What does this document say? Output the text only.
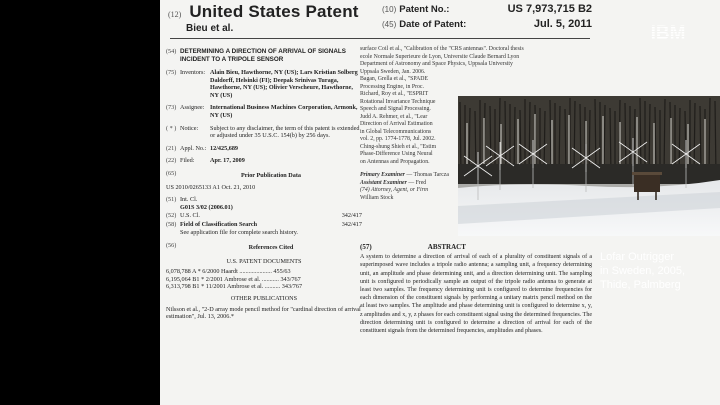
(12) United States Patent
Bieu et al.
(10) Patent No.:	US 7,973,715 B2
(45) Date of Patent:	Jul. 5, 2011
(54) DETERMINING A DIRECTION OF ARRIVAL OF SIGNALS INCIDENT TO A TRIPOLE SENSOR
(75) Inventors: Alain Bieu, Hawthorne, NY (US); Lars Kristian Solberg Daldorff, Helsinki (FI); Deepak Srinivas Turaga, Hawthorne, NY (US); Olivier Verscheure, Hawthorne, NY (US)
(73) Assignee: International Business Machines Corporation, Armonk, NY (US)
( * ) Notice:	Subject to any disclaimer, the term of this patent is extended or adjusted under 35 U.S.C. 154(b) by 256 days.
(21) Appl. No.: 12/425,689
(22) Filed:	Apr. 17, 2009
(65)	Prior Publication Data
US 2010/0265133 A1 Oct. 21, 2010
(51) Int. Cl.
G01S 3/02 (2006.01)
(52) U.S. Cl.	342/417
(58) Field of Classification Search	342/417
See application file for complete search history.
(56)	References Cited
U.S. PATENT DOCUMENTS
6,078,788 A * 6/2000 Haardt ..................... 455/63
6,195,064 B1 * 2/2001 Ambrose et al. ........... 343/767
6,313,798 B1 * 11/2001 Ambrose et al. .......... 343/767
OTHER PUBLICATIONS
Nilsson et al., "2-D array mode pencil method for "cardinal direction of arrival estimation", Jul. 13, 2006.*
surface Coil et al., "Calibration of the "CRS antennas". Doctoral thesis
ecole Normale Superieure de Lyon, Universite Claude Bernard Lyon
Department of Astronomy and Space Physics, Uppsala University
Uppsala Sweden, Jan. 2006.
Bagan, Grella et al., "SPADE
Processing Engine, in Proc.
Richard, Roy et al., "ESPRIT
Rotational Invariance Technique
Speech and Signal Processing.
Judd A. Rehmer, et al., "Lear
Direction of Arrival Estimation
in Global Telecommunications
vol. 2, pp. 1774-1778, Jul. 2002.
Ching-shung Shieh et al., "Estim
Phase-Difference Using Neural
on Antennas and Propagation.
Primary Examiner — Thomas Tarcza
Assistant Examiner — Fred
(74) Attorney, Agent, or Firm
William Stock
(57)	ABSTRACT
A system to determine a direction of arrival of each of a plurality of constituent signals of a superimposed wave includes a tripole radio antenna; a sampling unit, a frequency determining unit, an amplitude and phase determining unit, and a direction determining unit. The sampling unit is configured to periodically sample an output of the tripole radio antenna to generate at least two samples. The frequency determining unit is configured to determine frequencies for each dimension of the constituent signals by performing a unitary matrix pencil method on the at least two samples. The amplitude and phase determining unit is configured to determine x, y, z amplitudes and x, y, z phases for each constituent signal using the determined frequencies. The direction determining unit is configured to determine a direction of arrival for each of the constituent signals from the determined frequencies, amplitudes and phases.
IBM
Lofar Outrigger
in Sweden, 2005,
Thide, Palmberg
